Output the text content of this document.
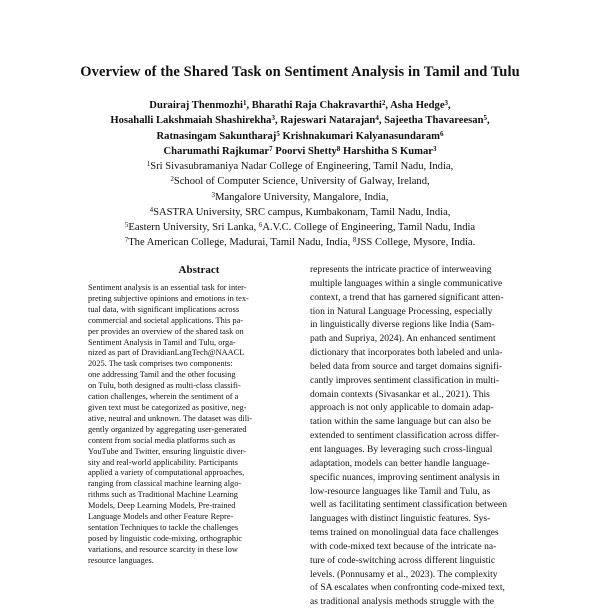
Overview of the Shared Task on Sentiment Analysis in Tamil and Tulu
Durairaj Thenmozhi$^1$, Bharathi Raja Chakravarthi$^2$, Asha Hedge$^3$,
Hosahalli Lakshmaiah Shashirekha$^3$, Rajeswari Natarajan$^4$, Sajeetha Thavareesan$^5$,
Ratnasingam Sakuntharaj$^5$ Krishnakumari Kalyanasundaram$^6$
Charumathi Rajkumar$^7$ Poorvi Shetty$^8$ Harshitha S Kumar$^3$
$^1$Sri Sivasubramaniya Nadar College of Engineering, Tamil Nadu, India,
$^2$School of Computer Science, University of Galway, Ireland,
$^3$Mangalore University, Mangalore, India,
$^4$SASTRA University, SRC campus, Kumbakonam, Tamil Nadu, India,
$^5$Eastern University, Sri Lanka, $^6$A.V.C. College of Engineering, Tamil Nadu, India
$^7$The American College, Madurai, Tamil Nadu, India, $^8$JSS College, Mysore, India.
Abstract
Sentiment analysis is an essential task for inter-
preting subjective opinions and emotions in tex-
tual data, with significant implications across
commercial and societal applications. This pa-
per provides an overview of the shared task on
Sentiment Analysis in Tamil and Tulu, orga-
nized as part of DravidianLangTech@NAACL
2025. The task comprises two components:
one addressing Tamil and the other focusing
on Tulu, both designed as multi-class classifi-
cation challenges, wherein the sentiment of a
given text must be categorized as positive, neg-
ative, neutral and unknown. The dataset was dili-
gently organized by aggregating user-generated
content from social media platforms such as
YouTube and Twitter, ensuring linguistic diver-
sity and real-world applicability. Participants
applied a variety of computational approaches,
ranging from classical machine learning algo-
rithms such as Traditional Machine Learning
Models, Deep Learning Models, Pre-trained
Language Models and other Feature Repre-
sentation Techniques to tackle the challenges
posed by linguistic code-mixing, orthographic
variations, and resource scarcity in these low
resource languages.
represents the intricate practice of interweaving
multiple languages within a single communicative
context, a trend that has garnered significant atten-
tion in Natural Language Processing, especially
in linguistically diverse regions like India (Sam-
path and Supriya, 2024). An enhanced sentiment
dictionary that incorporates both labeled and unla-
beled data from source and target domains signifi-
cantly improves sentiment classification in multi-
domain contexts (Sivasankar et al., 2021). This
approach is not only applicable to domain adap-
tation within the same language but can also be
extended to sentiment classification across differ-
ent languages. By leveraging such cross-lingual
adaptation, models can better handle language-
specific nuances, improving sentiment analysis in
low-resource languages like Tamil and Tulu, as
well as facilitating sentiment classification between
languages with distinct linguistic features. Sys-
tems trained on monolingual data face challenges
with code-mixed text because of the intricate na-
ture of code-switching across different linguistic
levels. (Ponnusamy et al., 2023). The complexity
of SA escalates when confronting code-mixed text,
as traditional analysis methods struggle with the
